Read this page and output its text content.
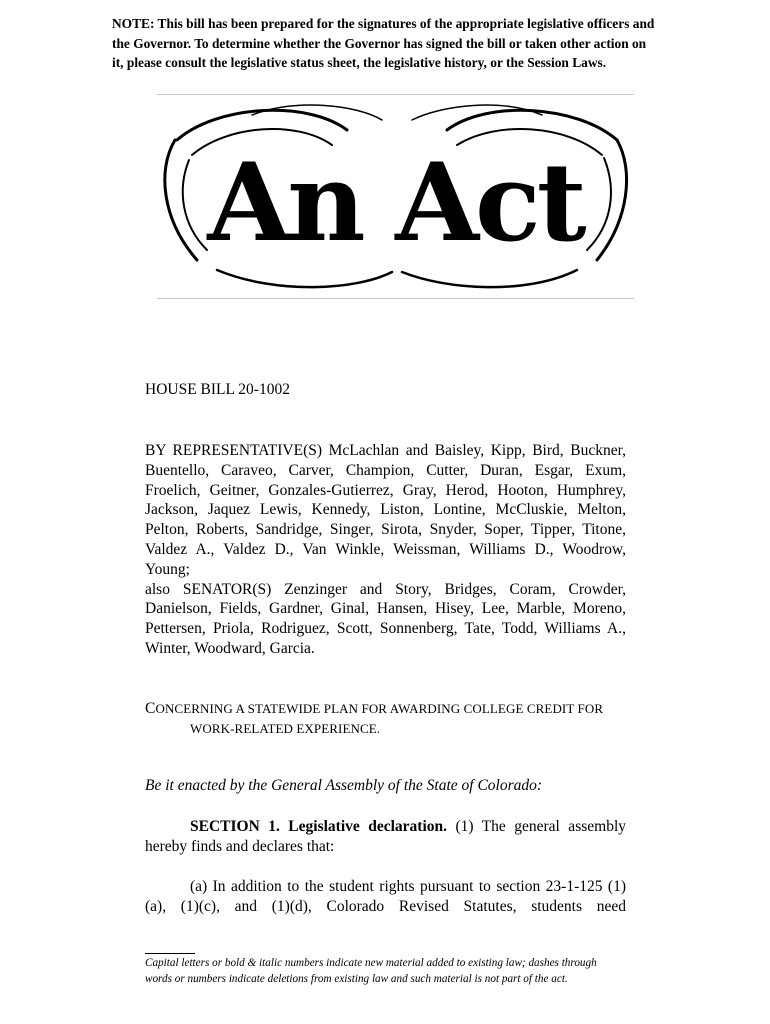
NOTE: This bill has been prepared for the signatures of the appropriate legislative officers and the Governor. To determine whether the Governor has signed the bill or taken other action on it, please consult the legislative status sheet, the legislative history, or the Session Laws.
An Act
HOUSE BILL 20-1002

BY REPRESENTATIVE(S) McLachlan and Baisley, Kipp, Bird, Buckner, Buentello, Caraveo, Carver, Champion, Cutter, Duran, Esgar, Exum, Froelich, Geitner, Gonzales-Gutierrez, Gray, Herod, Hooton, Humphrey, Jackson, Jaquez Lewis, Kennedy, Liston, Lontine, McCluskie, Melton, Pelton, Roberts, Sandridge, Singer, Sirota, Snyder, Soper, Tipper, Titone, Valdez A., Valdez D., Van Winkle, Weissman, Williams D., Woodrow, Young;

also SENATOR(S) Zenzinger and Story, Bridges, Coram, Crowder, Danielson, Fields, Gardner, Ginal, Hansen, Hisey, Lee, Marble, Moreno, Pettersen, Priola, Rodriguez, Scott, Sonnenberg, Tate, Todd, Williams A., Winter, Woodward, Garcia.

CONCERNING A STATEWIDE PLAN FOR AWARDING COLLEGE CREDIT FOR
WORK-RELATED EXPERIENCE.
Be it enacted by the General Assembly of the State of Colorado:
SECTION 1. Legislative declaration. (1) The general assembly hereby finds and declares that:
(a) In addition to the student rights pursuant to section 23-1-125 (1)(a), (1)(c), and (1)(d), Colorado Revised Statutes, students need
Capital letters or bold & italic numbers indicate new material added to existing law; dashes through words or numbers indicate deletions from existing law and such material is not part of the act.
